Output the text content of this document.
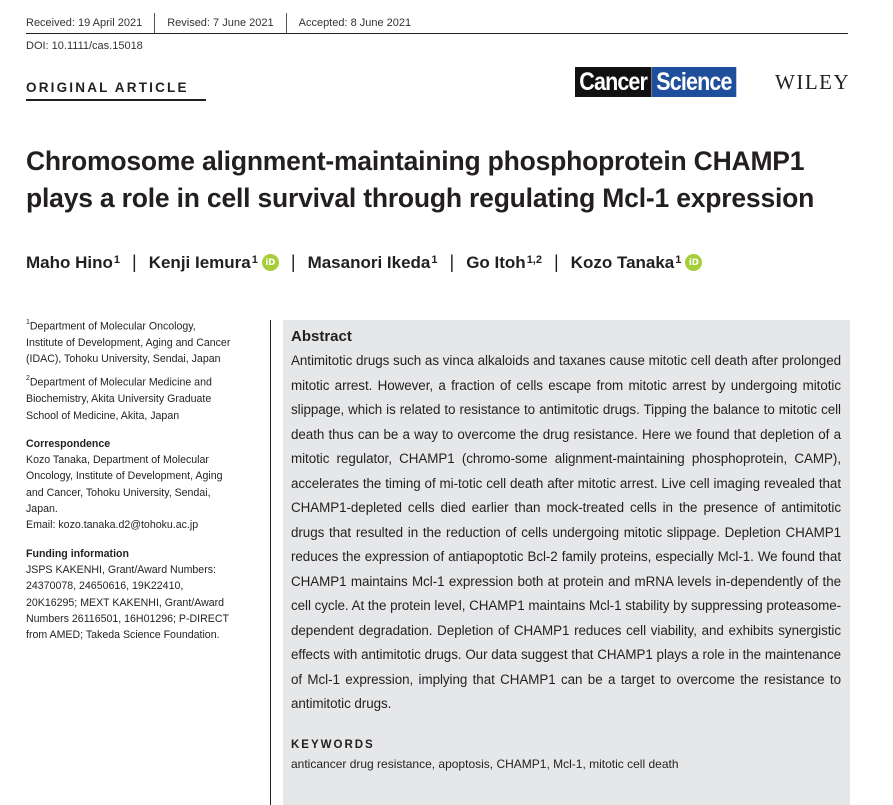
Received: 19 April 2021	Revised: 7 June 2021	Accepted: 8 June 2021
DOI: 10.1111/cas.15018
ORIGINAL ARTICLE	Cancer Science WILEY
Chromosome alignment-maintaining phosphoprotein CHAMP1 plays a role in cell survival through regulating Mcl-1 expression
Maho Hino$^1$ | Kenji Iemura$^1$ iD | Masanori Ikeda$^1$ | Go Itoh$^{1,2}$ | Kozo Tanaka$^1$ iD
$^1$Department of Molecular Oncology,
Institute of Development, Aging and Cancer
(IDAC), Tohoku University, Sendai, Japan
$^2$Department of Molecular Medicine and
Biochemistry, Akita University Graduate
School of Medicine, Akita, Japan
Correspondence
Kozo Tanaka, Department of Molecular
Oncology, Institute of Development, Aging
and Cancer, Tohoku University, Sendai,
Japan.
Email: kozo.tanaka.d2@tohoku.ac.jp
Funding information
JSPS KAKENHI, Grant/Award Numbers:
24370078, 24650616, 19K22410,
20K16295; MEXT KAKENHI, Grant/Award
Numbers 26116501, 16H01296; P-DIRECT
from AMED; Takeda Science Foundation.
Abstract

Antimitotic drugs such as vinca alkaloids and taxanes cause mitotic cell death after prolonged mitotic arrest. However, a fraction of cells escape from mitotic arrest by undergoing mitotic slippage, which is related to resistance to antimitotic drugs. Tipping the balance to mitotic cell death thus can be a way to overcome the drug resistance. Here we found that depletion of a mitotic regulator, CHAMP1 (chromo-some alignment-maintaining phosphoprotein, CAMP), accelerates the timing of mi-totic cell death after mitotic arrest. Live cell imaging revealed that CHAMP1-depleted cells died earlier than mock-treated cells in the presence of antimitotic drugs that resulted in the reduction of cells undergoing mitotic slippage. Depletion CHAMP1 reduces the expression of antiapoptotic Bcl-2 family proteins, especially Mcl-1. We found that CHAMP1 maintains Mcl-1 expression both at protein and mRNA levels in-dependently of the cell cycle. At the protein level, CHAMP1 maintains Mcl-1 stability by suppressing proteasome-dependent degradation. Depletion of CHAMP1 reduces cell viability, and exhibits synergistic effects with antimitotic drugs. Our data suggest that CHAMP1 plays a role in the maintenance of Mcl-1 expression, implying that CHAMP1 can be a target to overcome the resistance to antimitotic drugs.

KEYWORDS
anticancer drug resistance, apoptosis, CHAMP1, Mcl-1, mitotic cell death
